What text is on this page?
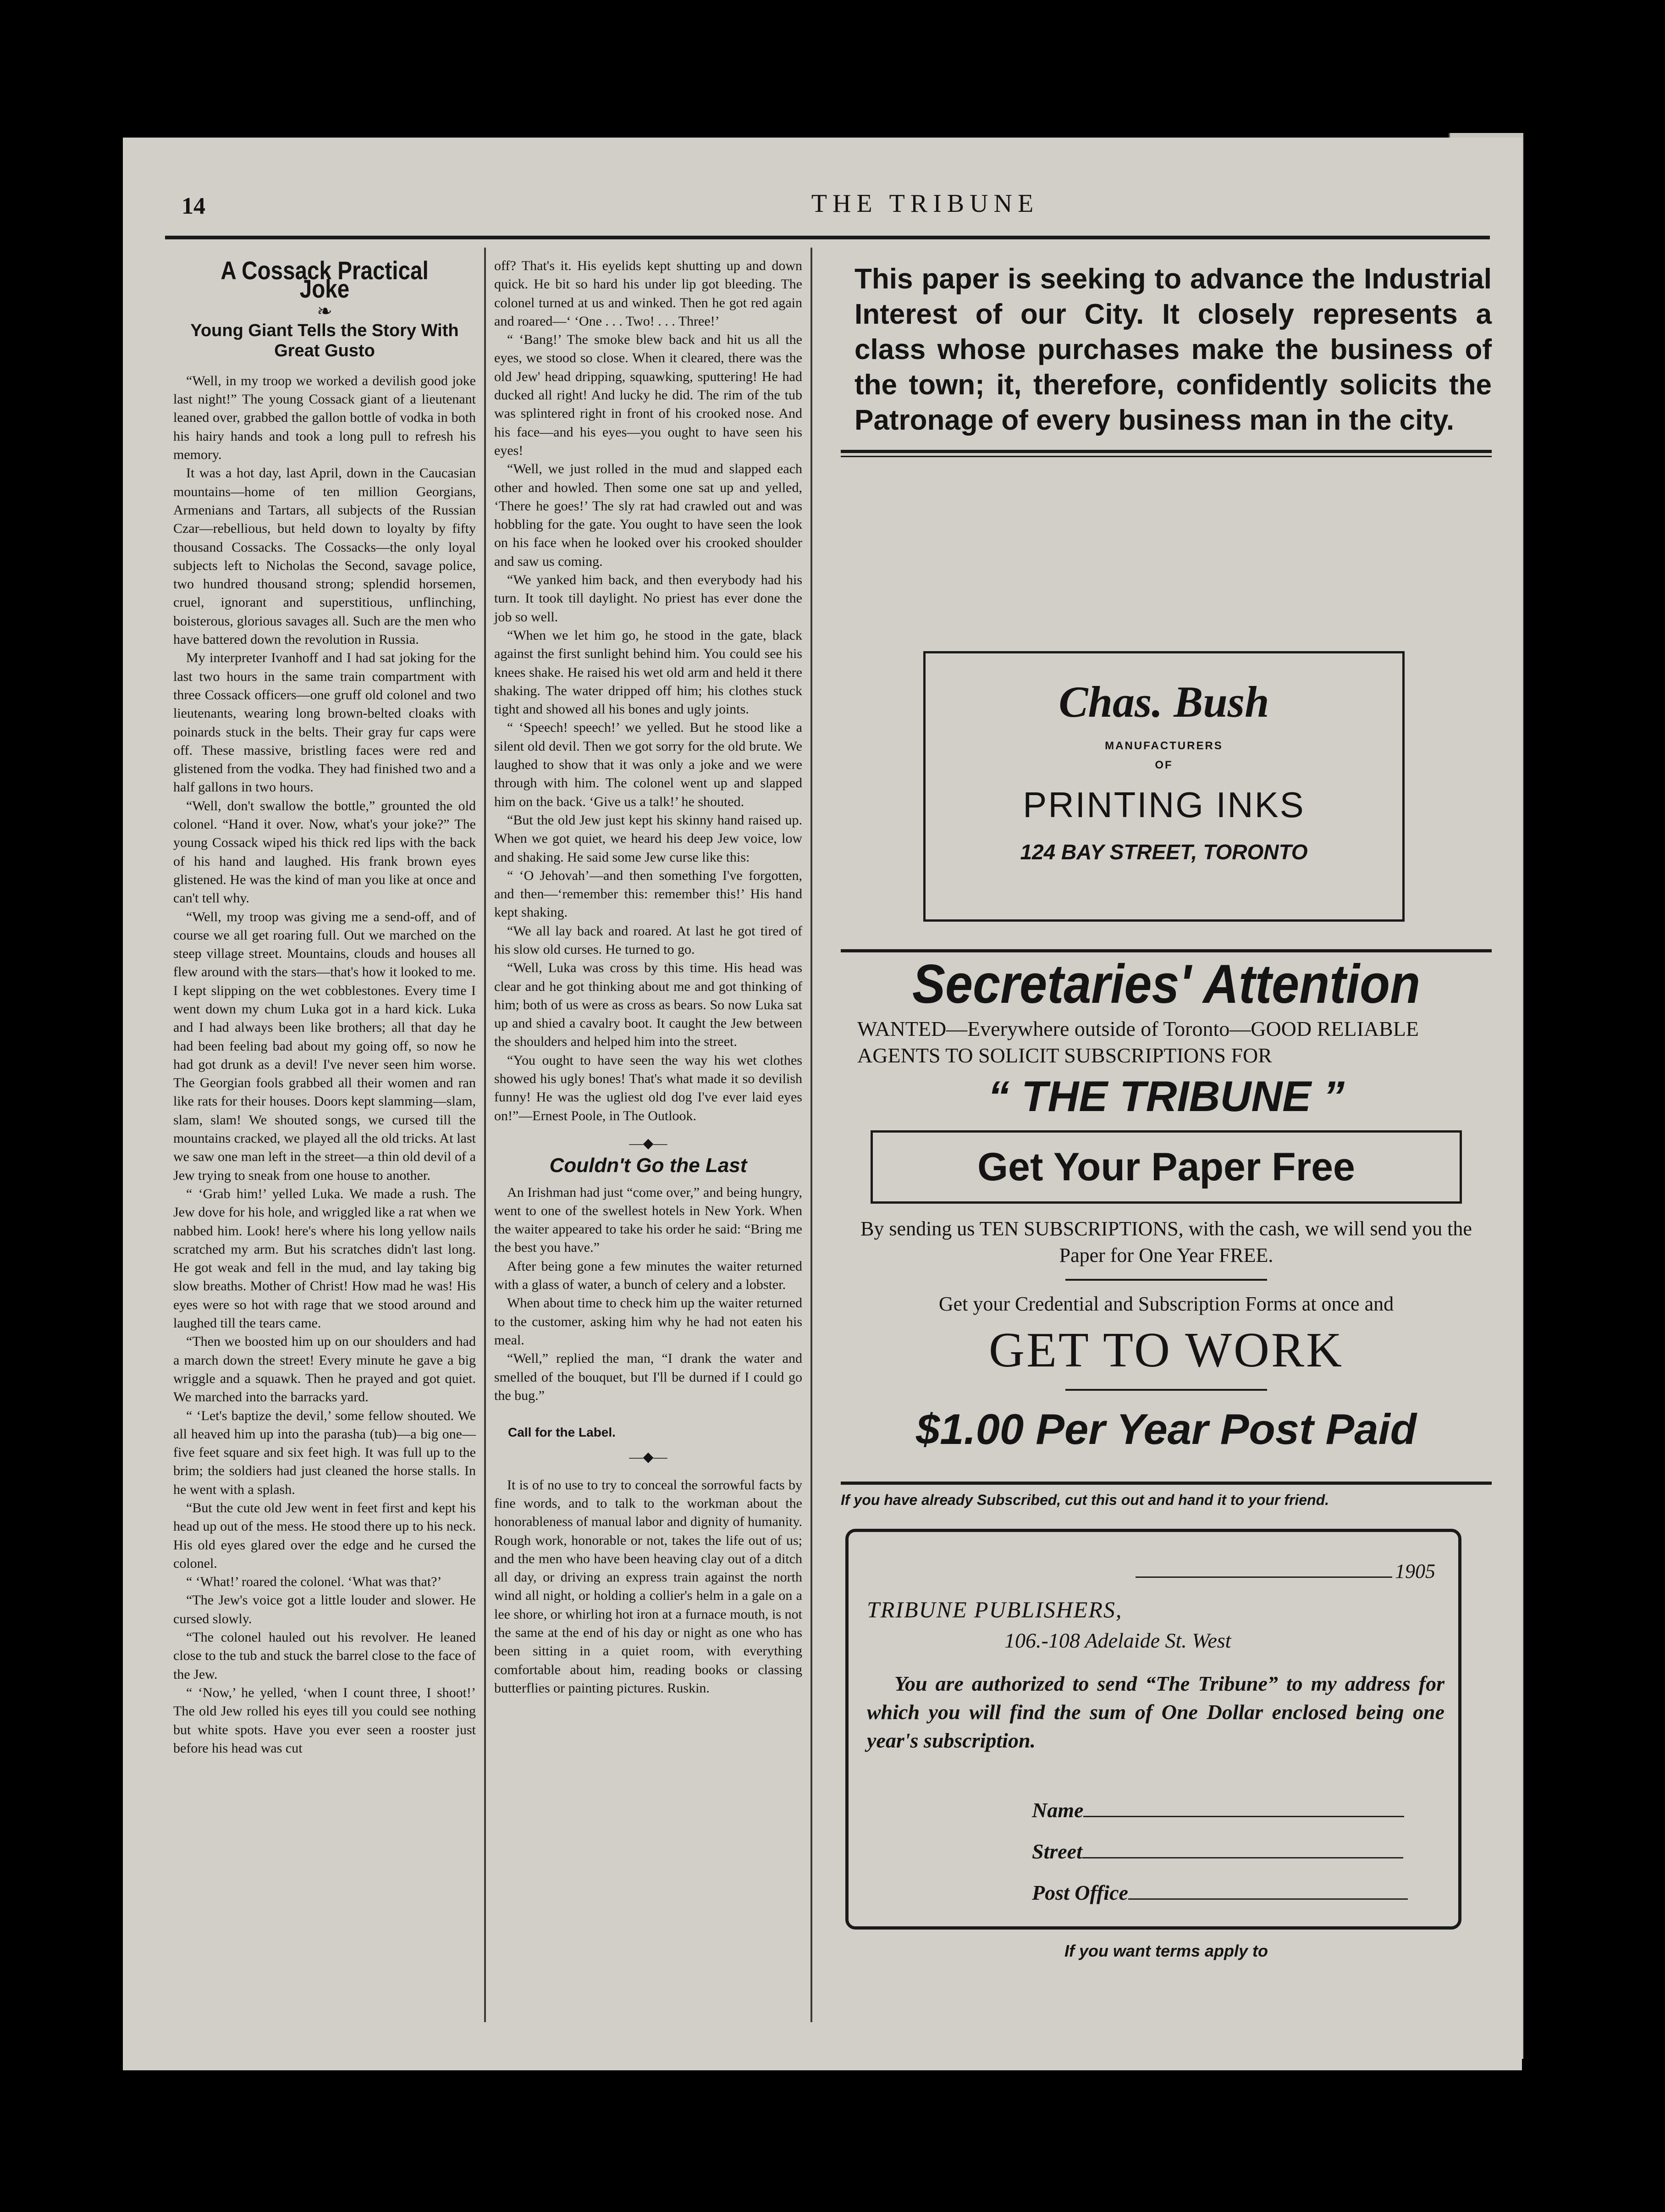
14	THE TRIBUNE
A Cossack Practical Joke
❧
Young Giant Tells the Story With Great Gusto

“Well, in my troop we worked a devilish good joke last night!” The young Cossack giant of a lieutenant leaned over, grabbed the gallon bottle of vodka in both his hairy hands and took a long pull to refresh his memory.

It was a hot day, last April, down in the Caucasian mountains—home of ten million Georgians, Armenians and Tartars, all subjects of the Russian Czar—rebellious, but held down to loyalty by fifty thousand Cossacks. The Cossacks—the only loyal subjects left to Nicholas the Second, savage police, two hundred thousand strong; splendid horsemen, cruel, ignorant and superstitious, unflinching, boisterous, glorious savages all. Such are the men who have battered down the revolution in Russia.

My interpreter Ivanhoff and I had sat joking for the last two hours in the same train compartment with three Cossack officers—one gruff old colonel and two lieutenants, wearing long brown-belted cloaks with poinards stuck in the belts. Their gray fur caps were off. These massive, bristling faces were red and glistened from the vodka. They had finished two and a half gallons in two hours.

“Well, don't swallow the bottle,” grounted the old colonel. “Hand it over. Now, what's your joke?” The young Cossack wiped his thick red lips with the back of his hand and laughed. His frank brown eyes glistened. He was the kind of man you like at once and can't tell why.

“Well, my troop was giving me a send-off, and of course we all get roaring full. Out we marched on the steep village street. Mountains, clouds and houses all flew around with the stars—that's how it looked to me. I kept slipping on the wet cobblestones. Every time I went down my chum Luka got in a hard kick. Luka and I had always been like brothers; all that day he had been feeling bad about my going off, so now he had got drunk as a devil! I've never seen him worse. The Georgian fools grabbed all their women and ran like rats for their houses. Doors kept slamming—slam, slam, slam! We shouted songs, we cursed till the mountains cracked, we played all the old tricks. At last we saw one man left in the street—a thin old devil of a Jew trying to sneak from one house to another.

“ ‘Grab him!’ yelled Luka. We made a rush. The Jew dove for his hole, and wriggled like a rat when we nabbed him. Look! here's where his long yellow nails scratched my arm. But his scratches didn't last long. He got weak and fell in the mud, and lay taking big slow breaths. Mother of Christ! How mad he was! His eyes were so hot with rage that we stood around and laughed till the tears came.

“Then we boosted him up on our shoulders and had a march down the street! Every minute he gave a big wriggle and a squawk. Then he prayed and got quiet. We marched into the barracks yard.

“ ‘Let's baptize the devil,’ some fellow shouted. We all heaved him up into the parasha (tub)—a big one—five feet square and six feet high. It was full up to the brim; the soldiers had just cleaned the horse stalls. In he went with a splash.

“But the cute old Jew went in feet first and kept his head up out of the mess. He stood there up to his neck. His old eyes glared over the edge and he cursed the colonel.

“ ‘What!’ roared the colonel. ‘What was that?’

“The Jew's voice got a little louder and slower. He cursed slowly.

“The colonel hauled out his revolver. He leaned close to the tub and stuck the barrel close to the face of the Jew.

“ ‘Now,’ he yelled, ‘when I count three, I shoot!’ The old Jew rolled his eyes till you could see nothing but white spots. Have you ever seen a rooster just before his head was cut

off? That's it. His eyelids kept shutting up and down quick. He bit so hard his under lip got bleeding. The colonel turned at us and winked. Then he got red again and roared—‘ ‘One . . . Two! . . . Three!’

“ ‘Bang!’ The smoke blew back and hit us all the eyes, we stood so close. When it cleared, there was the old Jew' head dripping, squawking, sputtering! He had ducked all right! And lucky he did. The rim of the tub was splintered right in front of his crooked nose. And his face—and his eyes—you ought to have seen his eyes!

“Well, we just rolled in the mud and slapped each other and howled. Then some one sat up and yelled, ‘There he goes!’ The sly rat had crawled out and was hobbling for the gate. You ought to have seen the look on his face when he looked over his crooked shoulder and saw us coming.

“We yanked him back, and then everybody had his turn. It took till daylight. No priest has ever done the job so well.

“When we let him go, he stood in the gate, black against the first sunlight behind him. You could see his knees shake. He raised his wet old arm and held it there shaking. The water dripped off him; his clothes stuck tight and showed all his bones and ugly joints.

“ ‘Speech! speech!’ we yelled. But he stood like a silent old devil. Then we got sorry for the old brute. We laughed to show that it was only a joke and we were through with him. The colonel went up and slapped him on the back. ‘Give us a talk!’ he shouted.

“But the old Jew just kept his skinny hand raised up. When we got quiet, we heard his deep Jew voice, low and shaking. He said some Jew curse like this:

“ ‘O Jehovah’—and then something I've forgotten, and then—‘remember this: remember this!’ His hand kept shaking.

“We all lay back and roared. At last he got tired of his slow old curses. He turned to go.

“Well, Luka was cross by this time. His head was clear and he got thinking about me and got thinking of him; both of us were as cross as bears. So now Luka sat up and shied a cavalry boot. It caught the Jew between the shoulders and helped him into the street.

“You ought to have seen the way his wet clothes showed his ugly bones! That's what made it so devilish funny! He was the ugliest old dog I've ever laid eyes on!”—Ernest Poole, in The Outlook.

—◆—
Couldn't Go the Last

An Irishman had just “come over,” and being hungry, went to one of the swellest hotels in New York. When the waiter appeared to take his order he said: “Bring me the best you have.”

After being gone a few minutes the waiter returned with a glass of water, a bunch of celery and a lobster.

When about time to check him up the waiter returned to the customer, asking him why he had not eaten his meal.

“Well,” replied the man, “I drank the water and smelled of the bouquet, but I'll be durned if I could go the bug.”

Call for the Label.
—◆—

It is of no use to try to conceal the sorrowful facts by fine words, and to talk to the workman about the honorableness of manual labor and dignity of humanity. Rough work, honorable or not, takes the life out of us; and the men who have been heaving clay out of a ditch all day, or driving an express train against the north wind all night, or holding a collier's helm in a gale on a lee shore, or whirling hot iron at a furnace mouth, is not the same at the end of his day or night as one who has been sitting in a quiet room, with everything comfortable about him, reading books or classing butterflies or painting pictures. Ruskin.

This paper is seeking to advance the Industrial Interest of our City. It closely represents a class whose purchases make the business of the town; it, therefore, confidently solicits the Patronage of every business man in the city.
Chas. Bush
MANUFACTURERS
OF
PRINTING INKS
124 BAY STREET, TORONTO
Secretaries' Attention
WANTED—Everywhere outside of Toronto—GOOD RELIABLE AGENTS TO SOLICIT SUBSCRIPTIONS FOR
“ THE TRIBUNE ”
Get Your Paper Free
By sending us TEN SUBSCRIPTIONS, with the cash, we will send you the Paper for One Year FREE.
Get your Credential and Subscription Forms at once and
GET TO WORK
$1.00 Per Year Post Paid
If you have already Subscribed, cut this out and hand it to your friend.
1905
TRIBUNE PUBLISHERS,
106.-108 Adelaide St. West
You are authorized to send “The Tribune” to my address for which you will find the sum of One Dollar enclosed being one year's subscription.
Name
Street
Post Office
If you want terms apply to
